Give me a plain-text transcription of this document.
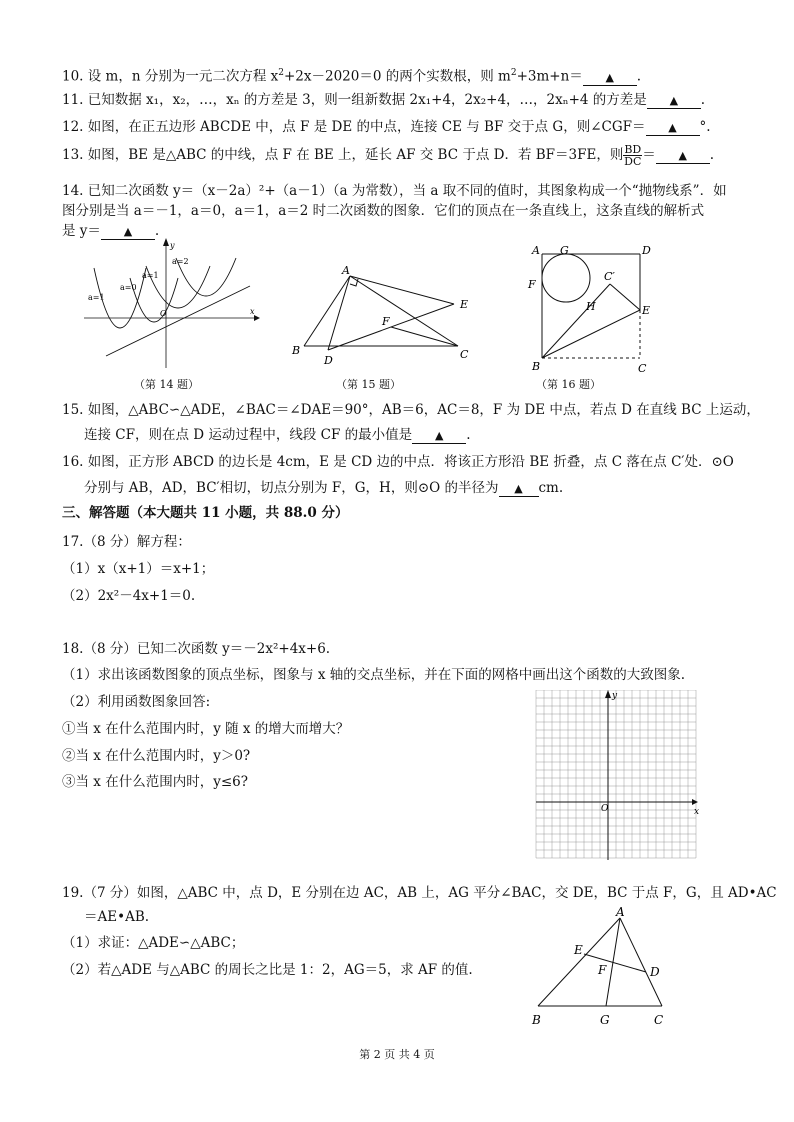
10. 设 m，n 分别为一元二次方程 $x^2+2x-2020=0$ 的两个实数根，则 $m^2+3m+n=$ ▲ .
11. 已知数据 x₁，x₂，…，xₙ 的方差是 3，则一组新数据 2x₁+4，2x₂+4，…，2xₙ+4 的方差是 ▲ .
12. 如图，在正五边形 ABCDE 中，点 F 是 DE 的中点，连接 CE 与 BF 交于点 G，则∠CGF＝ ▲ °.
13. 如图，BE 是△ABC 的中线，点 F 在 BE 上，延长 AF 交 BC 于点 D．若 BF＝3FE，则 $\frac{BD}{DC}$ ＝ ▲ .
14. 已知二次函数 y＝（x－2a）²+（a－1）（a 为常数），当 a 取不同的值时，其图象构成一个“抛物线系”．如
图分别是当 a＝－1，a＝0，a＝1，a＝2 时二次函数的图象．它们的顶点在一条直线上，这条直线的解析式
是 y＝ ▲ .
a=1
a=0
a=1
a=2
y
x
O
（第 14 题）
A
E
F
B
D	C
（第 15 题）
A G	D
C′
F
H	E
B	C
（第 16 题）
15. 如图，△ABC∽△ADE，∠BAC＝∠DAE＝90°，AB＝6，AC＝8，F 为 DE 中点，若点 D 在直线 BC 上运动，
连接 CF，则在点 D 运动过程中，线段 CF 的最小值是 ▲ .
16. 如图，正方形 ABCD 的边长是 4cm，E 是 CD 边的中点．将该正方形沿 BE 折叠，点 C 落在点 C′处．⊙O
分别与 AB，AD，BC′相切，切点分别为 F，G，H，则⊙O 的半径为 ▲ cm.
三、解答题（本大题共 11 小题，共 88.0 分）
17.（8 分）解方程：
（1）x（x+1）＝x+1；
（2）2x²－4x+1＝0.
18.（8 分）已知二次函数 y＝－2x²+4x+6.
（1）求出该函数图象的顶点坐标，图象与 x 轴的交点坐标，并在下面的网格中画出这个函数的大致图象.
（2）利用函数图象回答:
①当 x 在什么范围内时，y 随 x 的增大而增大？
②当 x 在什么范围内时，y＞0?
③当 x 在什么范围内时，y≤6?
y
O	x
19.（7 分）如图，△ABC 中，点 D，E 分别在边 AC，AB 上，AG 平分∠BAC，交 DE，BC 于点 F，G，且 AD•AC
＝AE•AB.
（1）求证：△ADE∽△ABC；
（2）若△ADE 与△ABC 的周长之比是 1：2，AG＝5，求 AF 的值.
A
E
F	D
B	G	C
第 2 页 共 4 页
